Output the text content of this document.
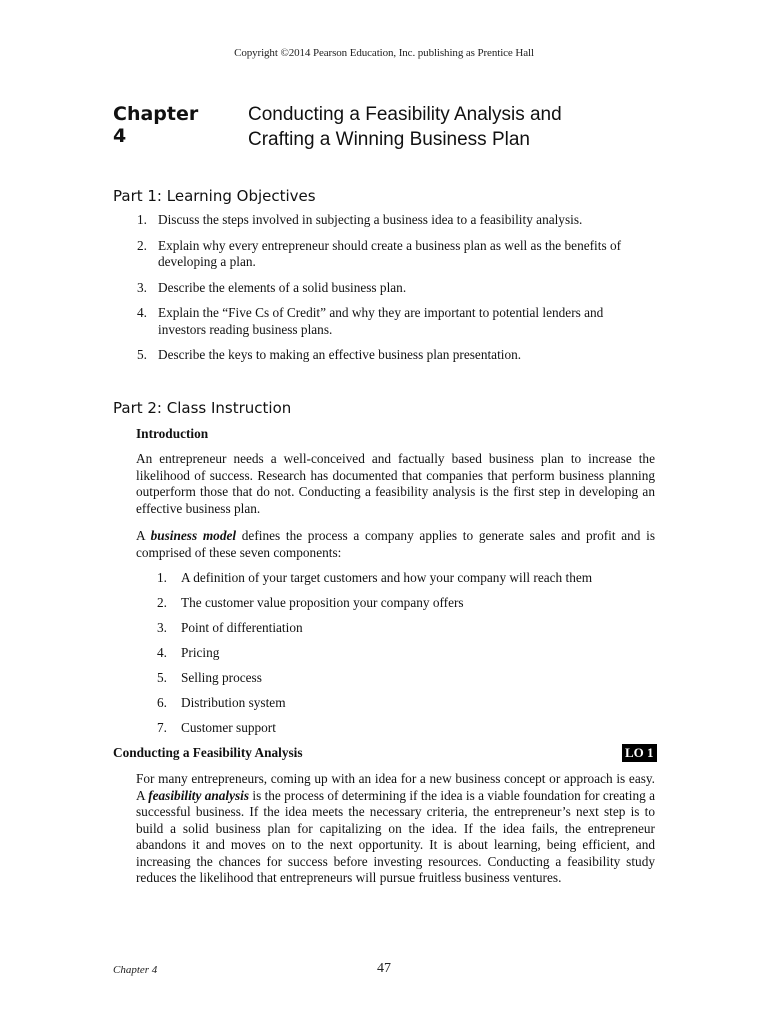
Copyright ©2014 Pearson Education, Inc. publishing as Prentice Hall
Chapter 4
Conducting a Feasibility Analysis and
Crafting a Winning Business Plan
Part 1: Learning Objectives
1. Discuss the steps involved in subjecting a business idea to a feasibility analysis.
2. Explain why every entrepreneur should create a business plan as well as the benefits of developing a plan.
3. Describe the elements of a solid business plan.
4. Explain the “Five Cs of Credit” and why they are important to potential lenders and investors reading business plans.
5. Describe the keys to making an effective business plan presentation.
Part 2: Class Instruction
Introduction

An entrepreneur needs a well-conceived and factually based business plan to increase the likelihood of success. Research has documented that companies that perform business planning outperform those that do not. Conducting a feasibility analysis is the first step in developing an effective business plan.

A business model defines the process a company applies to generate sales and profit and is comprised of these seven components:

1. A definition of your target customers and how your company will reach them
2. The customer value proposition your company offers
3. Point of differentiation
4. Pricing
5. Selling process
6. Distribution system
7. Customer support
Conducting a Feasibility Analysis	LO 1

For many entrepreneurs, coming up with an idea for a new business concept or approach is easy. A feasibility analysis is the process of determining if the idea is a viable foundation for creating a successful business. If the idea meets the necessary criteria, the entrepreneur’s next step is to build a solid business plan for capitalizing on the idea. If the idea fails, the entrepreneur abandons it and moves on to the next opportunity. It is about learning, being efficient, and increasing the chances for success before investing resources. Conducting a feasibility study reduces the likelihood that entrepreneurs will pursue fruitless business ventures.

Chapter 4	47
